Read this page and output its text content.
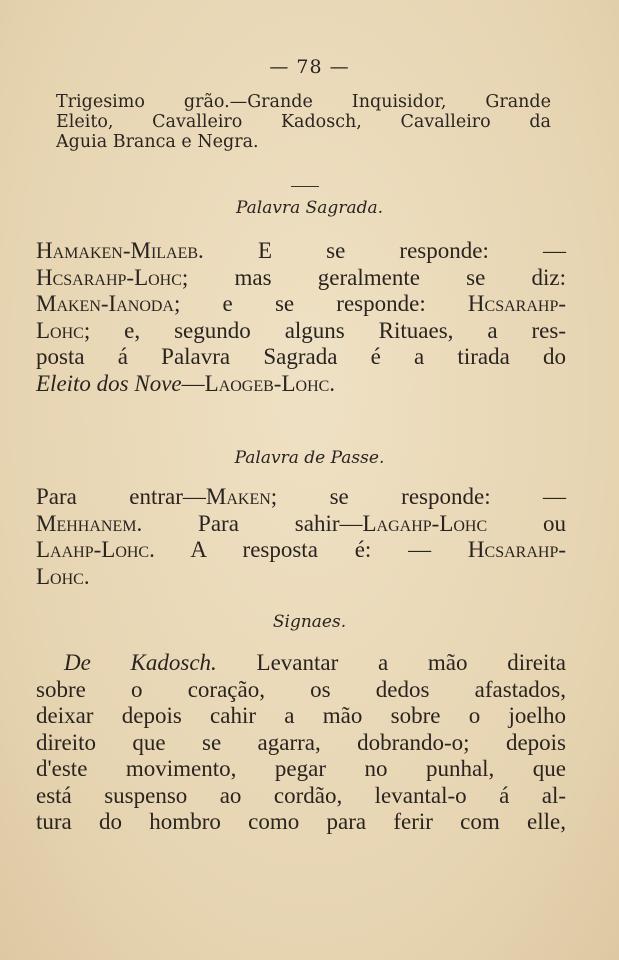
— 78 —
Trigesimo grão.—Grande Inquisidor, Grande
Eleito, Cavalleiro Kadosch, Cavalleiro da
Aguia Branca e Negra.
Palavra Sagrada.
Hamaken-Milaeb. E se responde: —
Hcsarahp-Lohc; mas geralmente se diz:
Maken-Ianoda; e se responde: Hcsarahp-
Lohc; e, segundo alguns Rituaes, a res-
posta á Palavra Sagrada é a tirada do
Eleito dos Nove—Laogeb-Lohc.
Palavra de Passe.
Para entrar—Maken; se responde: —
Mehhanem. Para sahir—Lagahp-Lohc ou
Laahp-Lohc. A resposta é: — Hcsarahp-
Lohc.
Signaes.
De Kadosch. Levantar a mão direita
sobre o coração, os dedos afastados,
deixar depois cahir a mão sobre o joelho
direito que se agarra, dobrando-o; depois
d'este movimento, pegar no punhal, que
está suspenso ao cordão, levantal-o á al-
tura do hombro como para ferir com elle,
